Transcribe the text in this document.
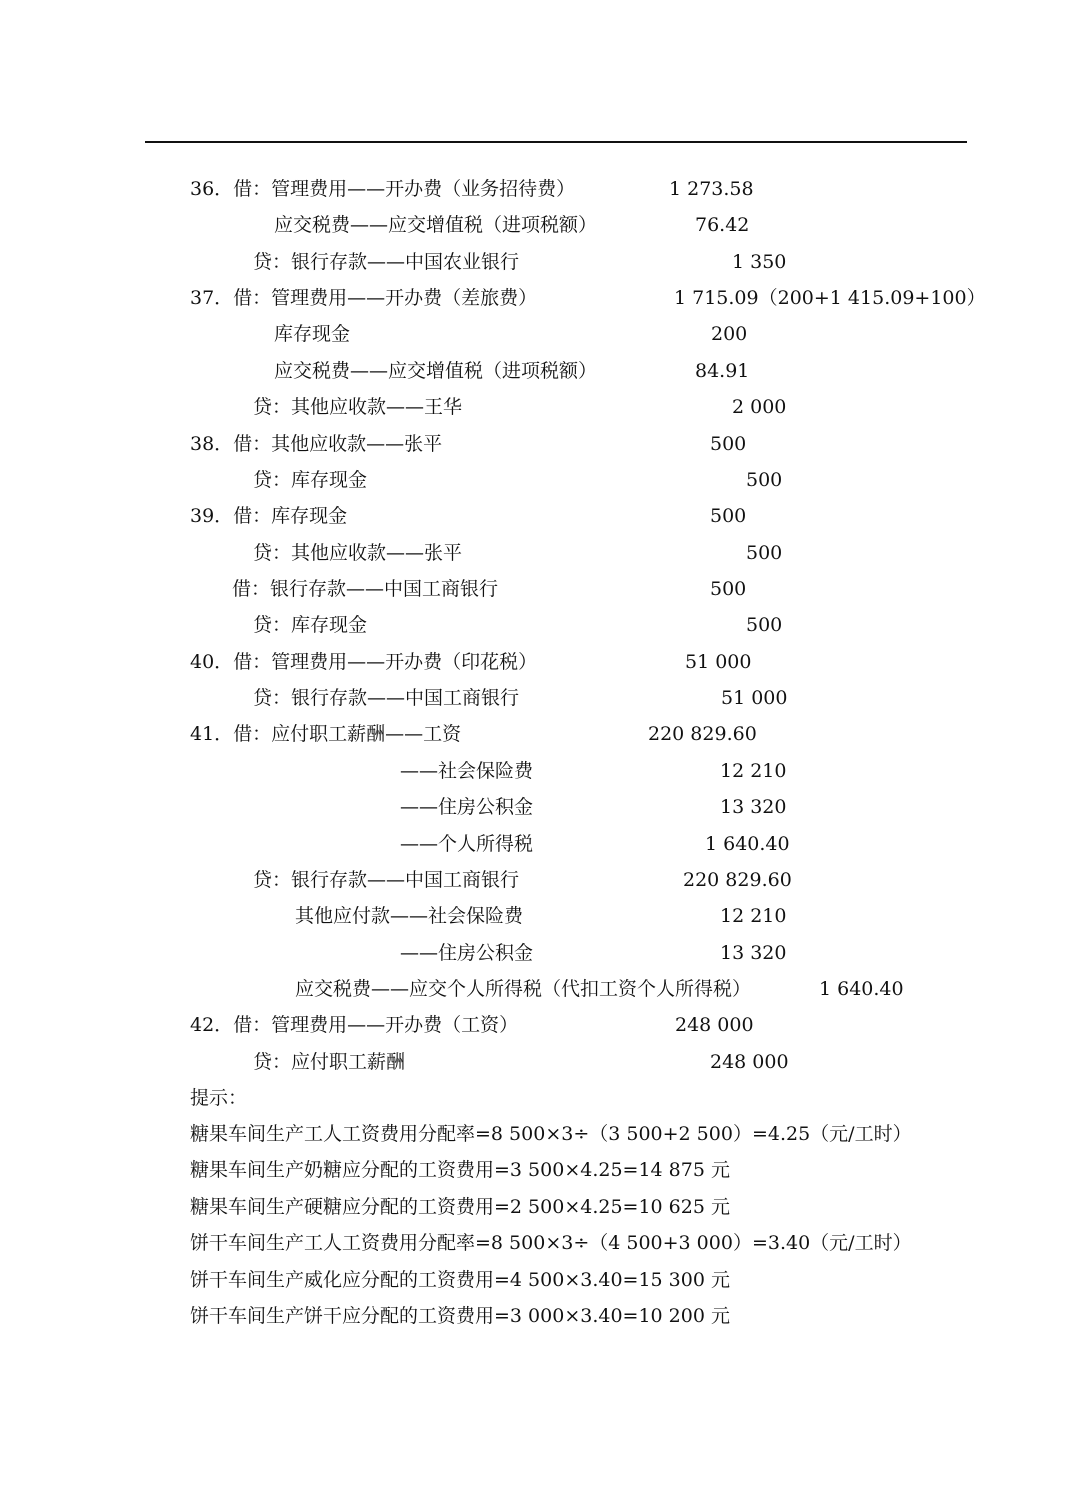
36．借：管理费用——开办费（业务招待费）	1 273.58
应交税费——应交增值税（进项税额）	76.42
贷：银行存款——中国农业银行	1 350
37．借：管理费用——开办费（差旅费）	1 715.09（200+1 415.09+100）
库存现金	200
应交税费——应交增值税（进项税额）	84.91
贷：其他应收款——王华	2 000
38．借：其他应收款——张平	500
贷：库存现金	500
39．借：库存现金	500
贷：其他应收款——张平	500
借：银行存款——中国工商银行	500
贷：库存现金	500
40．借：管理费用——开办费（印花税）	51 000
贷：银行存款——中国工商银行	51 000
41．借：应付职工薪酬——工资	220 829.60
——社会保险费	12 210
——住房公积金	13 320
——个人所得税	1 640.40
贷：银行存款——中国工商银行	220 829.60
其他应付款——社会保险费	12 210
——住房公积金	13 320
应交税费——应交个人所得税（代扣工资个人所得税）	1 640.40
42．借：管理费用——开办费（工资）	248 000
贷：应付职工薪酬	248 000
提示：
糖果车间生产工人工资费用分配率=8 500×3÷（3 500+2 500）=4.25（元/工时）
糖果车间生产奶糖应分配的工资费用=3 500×4.25=14 875 元
糖果车间生产硬糖应分配的工资费用=2 500×4.25=10 625 元
饼干车间生产工人工资费用分配率=8 500×3÷（4 500+3 000）=3.40（元/工时）
饼干车间生产威化应分配的工资费用=4 500×3.40=15 300 元
饼干车间生产饼干应分配的工资费用=3 000×3.40=10 200 元
